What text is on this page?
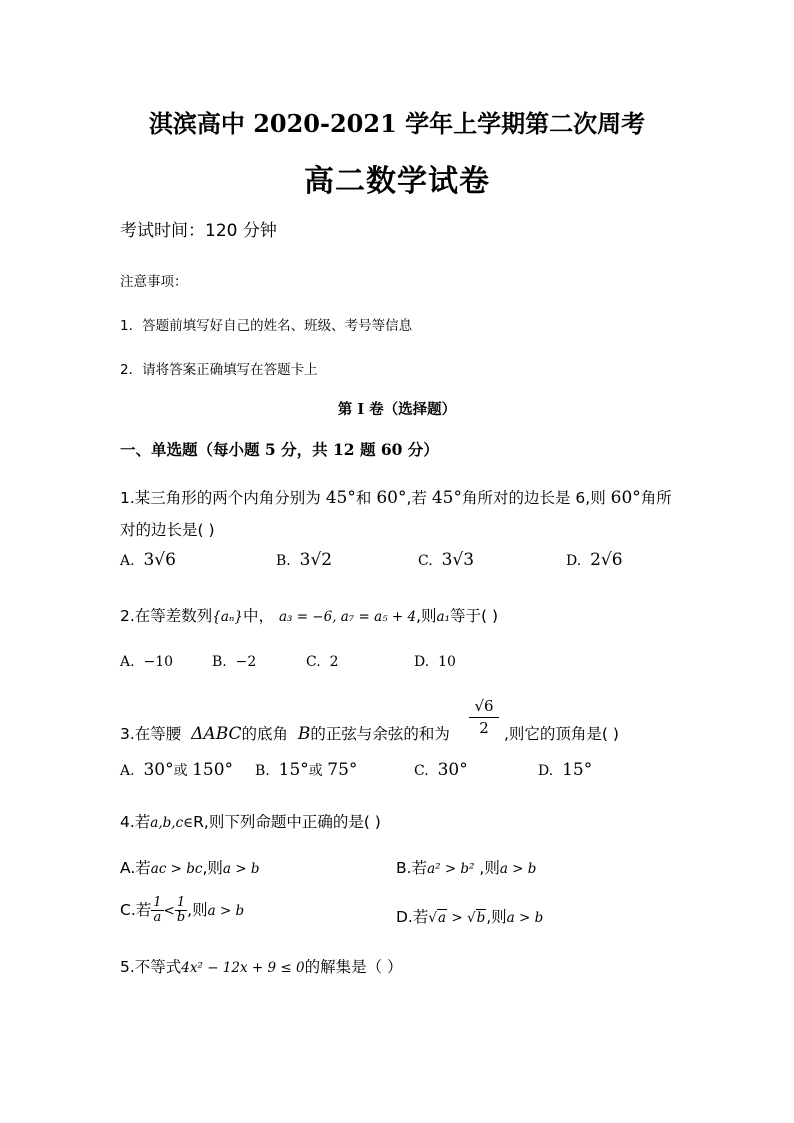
淇滨高中 2020-2021 学年上学期第二次周考
高二数学试卷
考试时间：120 分钟
注意事项：
1．答题前填写好自己的姓名、班级、考号等信息
2．请将答案正确填写在答题卡上
第 I 卷（选择题）
一、单选题（每小题 5 分，共 12 题 60 分）
1.某三角形的两个内角分别为 45°和 60°,若 45°角所对的边长是 6,则 60°角所
对的边长是( )
A. 3√6	B. 3√2	C. 3√3	D. 2√6
2.在等差数列{aₙ}中， a₃ = −6, a₇ = a₅ + 4,则a₁等于( )
A. −10	B. −2	C. 2	D. 10
3.在等腰 ΔABC的底角 B的正弦与余弦的和为 $\frac{√6}{2}$ ,则它的顶角是( )
A. 30°或 150° B. 15°或 75°	C. 30°	D. 15°
4.若a,b,c∈R,则下列命题中正确的是( )
A.若ac > bc,则a > b	B.若a² > b² ,则a > b
C.若 $\frac{1}{a} < \frac{1}{b}$ ,则a > b	D.若√a > √b,则a > b
5.不等式4x² − 12x + 9 ≤ 0的解集是（ ）
